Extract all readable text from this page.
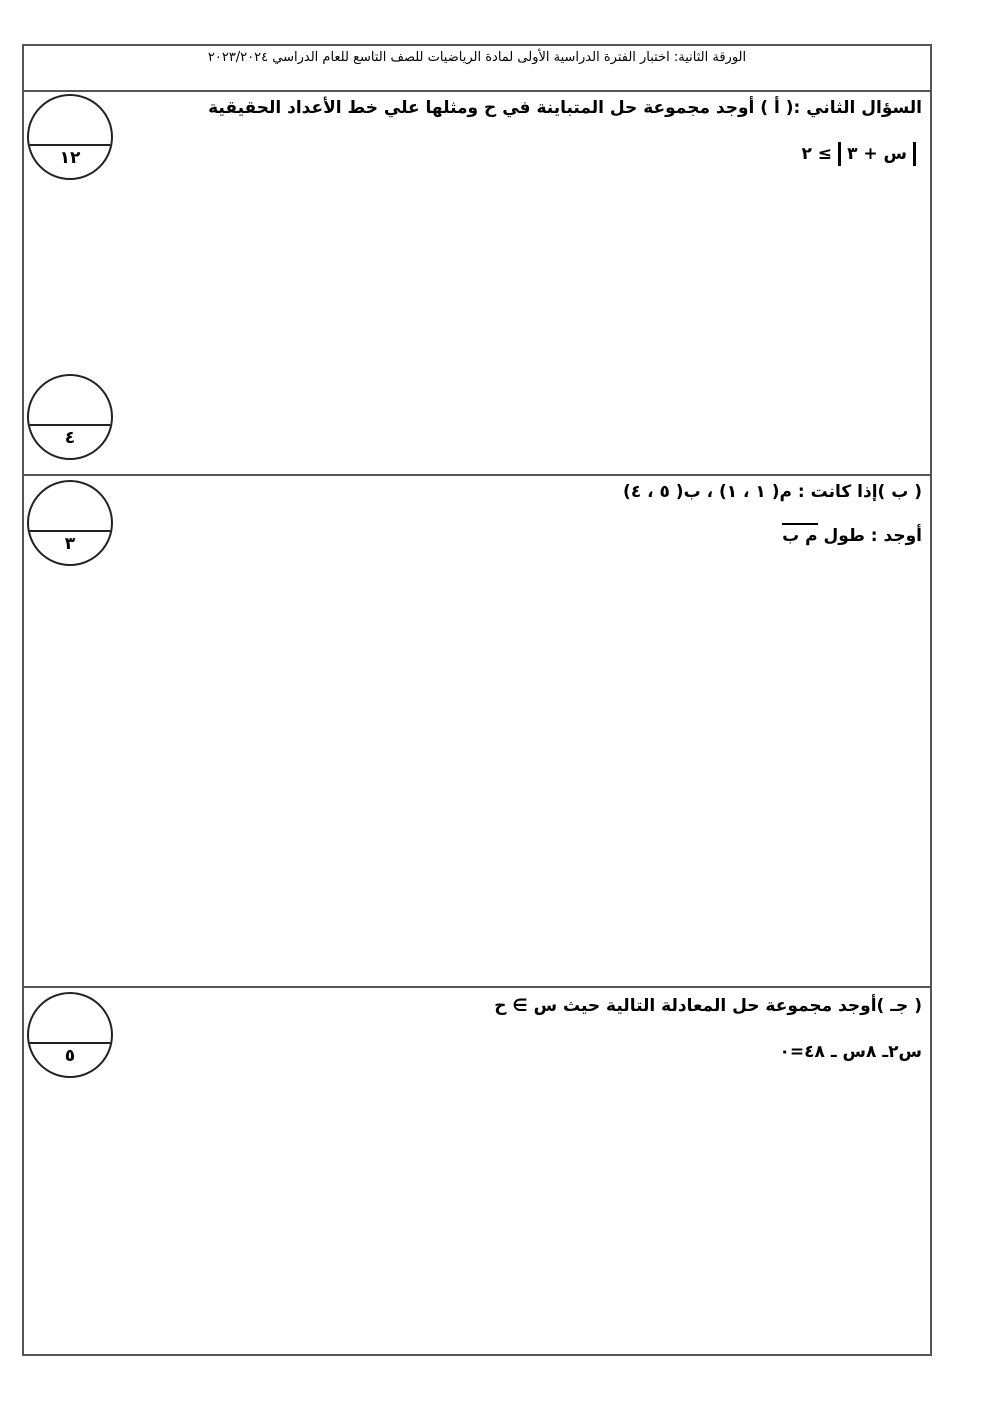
الورقة الثانية: اختبار الفترة الدراسية الأولى لمادة الرياضيات للصف التاسع للعام الدراسي ٢٠٢٣/٢٠٢٤
السؤال الثاني :( أ ) أوجد مجموعة حل المتباينة في ح ومثلها علي خط الأعداد الحقيقية
س + ٣≥ ٢
١٢
٤
( ب )إذا كانت : ﻡ( ١ ، ١) ، ب( ٥ ، ٤)
أوجد : طول ﻡ ب
٣
( جـ )أوجد مجموعة حل المعادلة التالية حيث س ∋ ح
س٢ـ ٨س ـ ٤٨=٠
٥
